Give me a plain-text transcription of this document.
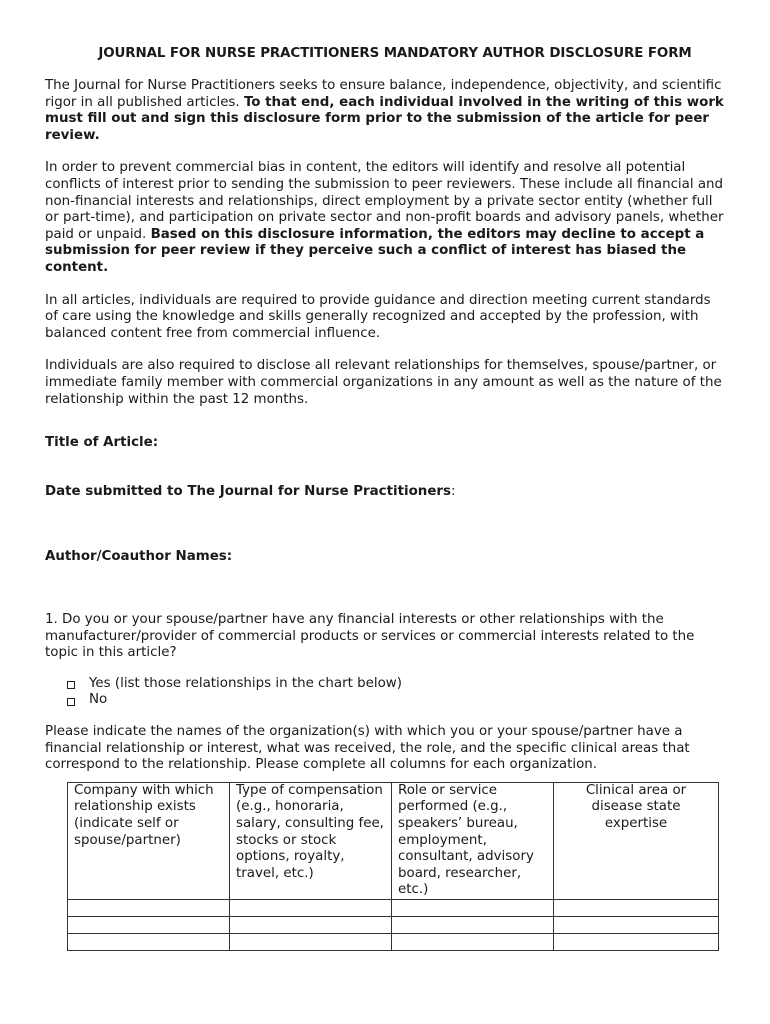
JOURNAL FOR NURSE PRACTITIONERS MANDATORY AUTHOR DISCLOSURE FORM

The Journal for Nurse Practitioners seeks to ensure balance, independence, objectivity, and scientific rigor in all published articles. To that end, each individual involved in the writing of this work must fill out and sign this disclosure form prior to the submission of the article for peer review.

In order to prevent commercial bias in content, the editors will identify and resolve all potential conflicts of interest prior to sending the submission to peer reviewers. These include all financial and non-financial interests and relationships, direct employment by a private sector entity (whether full or part-time), and participation on private sector and non-profit boards and advisory panels, whether paid or unpaid. Based on this disclosure information, the editors may decline to accept a submission for peer review if they perceive such a conflict of interest has biased the content.

In all articles, individuals are required to provide guidance and direction meeting current standards of care using the knowledge and skills generally recognized and accepted by the profession, with balanced content free from commercial influence.

Individuals are also required to disclose all relevant relationships for themselves, spouse/partner, or immediate family member with commercial organizations in any amount as well as the nature of the relationship within the past 12 months.

Title of Article:
Date submitted to The Journal for Nurse Practitioners:
Author/Coauthor Names:

1. Do you or your spouse/partner have any financial interests or other relationships with the manufacturer/provider of commercial products or services or commercial interests related to the topic in this article?

Yes (list those relationships in the chart below)
No

Please indicate the names of the organization(s) with which you or your spouse/partner have a financial relationship or interest, what was received, the role, and the specific clinical areas that correspond to the relationship. Please complete all columns for each organization.

Company with which relationship exists (indicate self or spouse/partner)	Type of compensation (e.g., honoraria, salary, consulting fee, stocks or stock options, royalty, travel, etc.)	Role or service performed (e.g., speakers’ bureau, employment, consultant, advisory board, researcher, etc.)	Clinical area or disease state expertise
